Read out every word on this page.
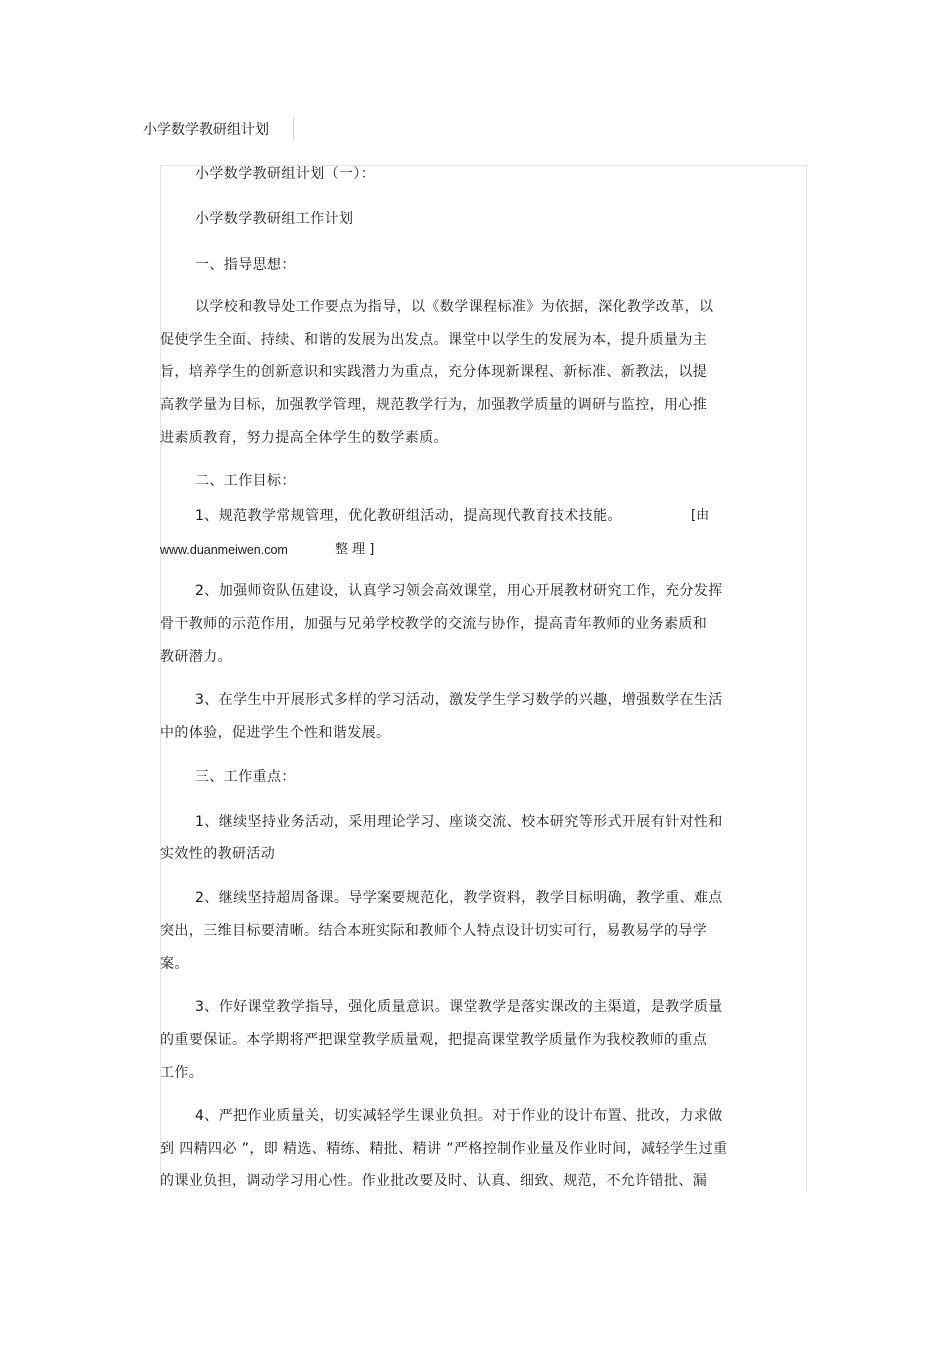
小学数学教研组计划
小学数学教研组计划（一）：
小学数学教研组工作计划
一、指导思想：
以学校和教导处工作要点为指导，以《数学课程标准》为依据，深化教学改革，以
促使学生全面、持续、和谐的发展为出发点。课堂中以学生的发展为本，提升质量为主
旨，培养学生的创新意识和实践潜力为重点，充分体现新课程、新标准、新教法，以提
高教学量为目标，加强教学管理，规范教学行为，加强教学质量的调研与监控，用心推
进素质教育，努力提高全体学生的数学素质。
二、工作目标：
1、规范教学常规管理，优化教研组活动，提高现代教育技术技能。	[由
www.duanmeiwen.com	整 理 ]
2、加强师资队伍建设，认真学习领会高效课堂，用心开展教材研究工作，充分发挥
骨干教师的示范作用，加强与兄弟学校教学的交流与协作，提高青年教师的业务素质和
教研潜力。
3、在学生中开展形式多样的学习活动，激发学生学习数学的兴趣，增强数学在生活
中的体验，促进学生个性和谐发展。
三、工作重点：
1、继续坚持业务活动，采用理论学习、座谈交流、校本研究等形式开展有针对性和
实效性的教研活动
2、继续坚持超周备课。导学案要规范化，教学资料，教学目标明确，教学重、难点
突出，三维目标要清晰。结合本班实际和教师个人特点设计切实可行，易教易学的导学
案。
3、作好课堂教学指导，强化质量意识。课堂教学是落实课改的主渠道，是教学质量
的重要保证。本学期将严把课堂教学质量观，把提高课堂教学质量作为我校教师的重点
工作。
4、严把作业质量关，切实减轻学生课业负担。对于作业的设计布置、批改，力求做
到 四精四必 ”，即 精选、精练、精批、精讲 ”严格控制作业量及作业时间，减轻学生过重
的课业负担，调动学习用心性。作业批改要及时、认真、细致、规范，不允许错批、漏
